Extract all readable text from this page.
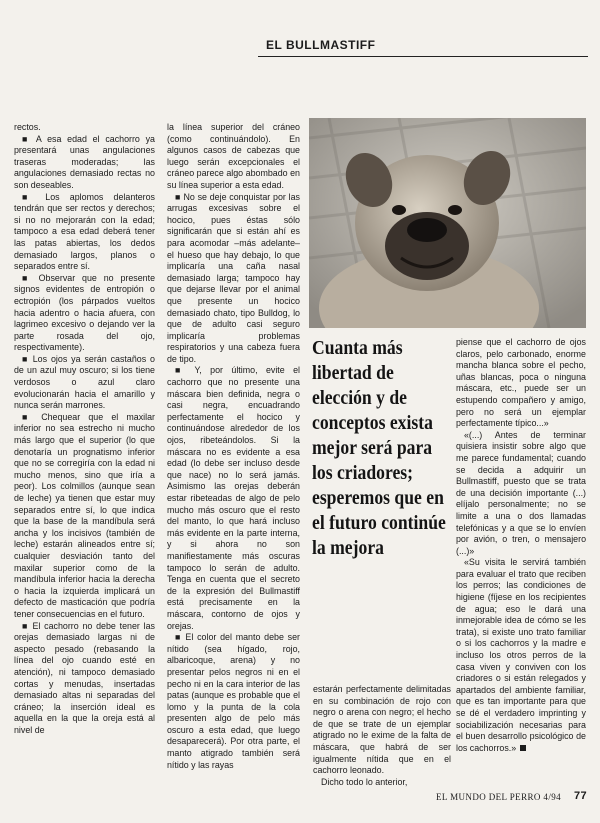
EL BULLMASTIFF

rectos.

■ A esa edad el cachorro ya presentará unas angulaciones traseras moderadas; las angulaciones demasiado rectas no son deseables.

■ Los aplomos delanteros tendrán que ser rectos y derechos; si no no mejorarán con la edad; tampoco a esa edad deberá tener las patas abiertas, los dedos demasiado largos, planos o separados entre sí.

■ Observar que no presente signos evidentes de entropión o ectropión (los párpados vueltos hacia adentro o hacia afuera, con lagrimeo excesivo o dejando ver la parte rosada del ojo, respectivamente).

■ Los ojos ya serán castaños o de un azul muy oscuro; si los tiene verdosos o azul claro evolucionarán hacia el amarillo y nunca serán marrones.

■ Chequear que el maxilar inferior no sea estrecho ni mucho más largo que el superior (lo que denotaría un prognatismo inferior que no se corregiría con la edad ni mucho menos, sino que iría a peor). Los colmillos (aunque sean de leche) ya tienen que estar muy separados entre sí, lo que indica que la base de la mandíbula será ancha y los incisivos (también de leche) estarán alineados entre sí; cualquier desviación tanto del maxilar superior como de la mandíbula inferior hacia la derecha o hacia la izquierda implicará un defecto de masticación que podría tener consecuencias en el futuro.

■ El cachorro no debe tener las orejas demasiado largas ni de aspecto pesado (rebasando la línea del ojo cuando esté en atención), ni tampoco demasiado cortas y menudas, insertadas demasiado altas ni separadas del cráneo; la inserción ideal es aquella en la que la oreja está al nivel de

la línea superior del cráneo (como continuándolo). En algunos casos de cabezas que luego serán excepcionales el cráneo parece algo abombado en su línea superior a esta edad.

■ No se deje conquistar por las arrugas excesivas sobre el hocico, pues éstas sólo significarán que si están ahí es para acomodar –más adelante– el hueso que hay debajo, lo que implicaría una caña nasal demasiado larga; tampoco hay que dejarse llevar por el animal que presente un hocico demasiado chato, tipo Bulldog, lo que de adulto casi seguro implicaría problemas respiratorios y una cabeza fuera de tipo.

■ Y, por último, evite el cachorro que no presente una máscara bien definida, negra o casi negra, encuadrando perfectamente el hocico y continuándose alrededor de los ojos, ribeteándolos. Si la máscara no es evidente a esa edad (lo debe ser incluso desde que nace) no lo será jamás. Asimismo las orejas deberán estar ribeteadas de algo de pelo mucho más oscuro que el resto del manto, lo que hará incluso más evidente en la parte interna, y si ahora no son manifiestamente más oscuras tampoco lo serán de adulto. Tenga en cuenta que el secreto de la expresión del Bullmastiff está precisamente en la máscara, contorno de ojos y orejas.

■ El color del manto debe ser nítido (sea hígado, rojo, albaricoque, arena) y no presentar pelos negros ni en el pecho ni en la cara interior de las patas (aunque es probable que el lomo y la punta de la cola presenten algo de pelo más oscuro a esta edad, que luego desaparecerá). Por otra parte, el manto atigrado también será nítido y las rayas

Cuanta más libertad de elección y de conceptos exista mejor será para los criadores; esperemos que en el futuro continúe la mejora

estarán perfectamente delimitadas en su combinación de rojo con negro o arena con negro; el hecho de que se trate de un ejemplar atigrado no le exime de la falta de máscara, que habrá de ser igualmente nítida que en el cachorro leonado.

Dicho todo lo anterior,

piense que el cachorro de ojos claros, pelo carbonado, enorme mancha blanca sobre el pecho, uñas blancas, poca o ninguna máscara, etc., puede ser un estupendo compañero y amigo, pero no será un ejemplar perfectamente típico...»

«(...) Antes de terminar quisiera insistir sobre algo que me parece fundamental; cuando se decida a adquirir un Bullmastiff, puesto que se trata de una decisión importante (...) elíjalo personalmente; no se limite a una o dos llamadas telefónicas y a que se lo envíen por avión, o tren, o mensajero (...)»

«Su visita le servirá también para evaluar el trato que reciben los perros; las condiciones de higiene (fíjese en los recipientes de agua; eso le dará una inmejorable idea de cómo se les trata), si existe uno trato familiar o si los cachorros y la madre e incluso los otros perros de la casa viven y conviven con los criadores o si están relegados y apartados del ambiente familiar, que es tan importante para que se dé el verdadero imprinting y sociabilización necesarias para el buen desarrollo psicológico de los cachorros.»

EL MUNDO DEL PERRO 4/94 77
